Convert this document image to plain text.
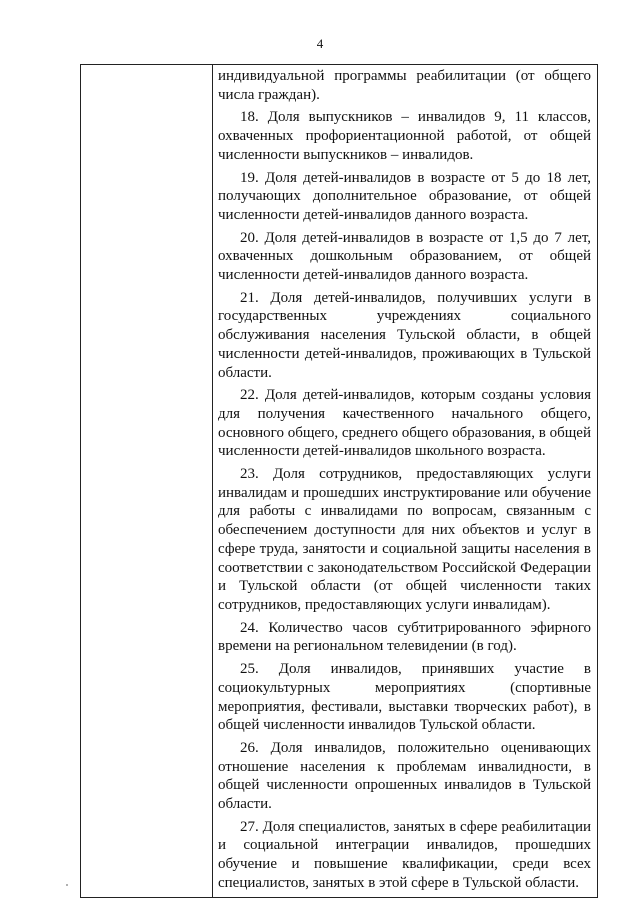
4

индивидуальной программы реабилитации (от общего числа граждан).

18. Доля выпускников – инвалидов 9, 11 классов, охваченных профориентационной работой, от общей численности выпускников – инвалидов.

19. Доля детей-инвалидов в возрасте от 5 до 18 лет, получающих дополнительное образование, от общей численности детей-инвалидов данного возраста.

20. Доля детей-инвалидов в возрасте от 1,5 до 7 лет, охваченных дошкольным образованием, от общей численности детей-инвалидов данного возраста.

21. Доля детей-инвалидов, получивших услуги в государственных учреждениях социального обслуживания населения Тульской области, в общей численности детей-инвалидов, проживающих в Тульской области.

22. Доля детей-инвалидов, которым созданы условия для получения качественного начального общего, основного общего, среднего общего образования, в общей численности детей-инвалидов школьного возраста.

23. Доля сотрудников, предоставляющих услуги инвалидам и прошедших инструктирование или обучение для работы с инвалидами по вопросам, связанным с обеспечением доступности для них объектов и услуг в сфере труда, занятости и социальной защиты населения в соответствии с законодательством Российской Федерации и Тульской области (от общей численности таких сотрудников, предоставляющих услуги инвалидам).

24. Количество часов субтитрированного эфирного времени на региональном телевидении (в год).

25. Доля инвалидов, принявших участие в социокультурных мероприятиях (спортивные мероприятия, фестивали, выставки творческих работ), в общей численности инвалидов Тульской области.

26. Доля инвалидов, положительно оценивающих отношение населения к проблемам инвалидности, в общей численности опрошенных инвалидов в Тульской области.

27. Доля специалистов, занятых в сфере реабилитации и социальной интеграции инвалидов, прошедших обучение и повышение квалификации, среди всех специалистов, занятых в этой сфере в Тульской области.
